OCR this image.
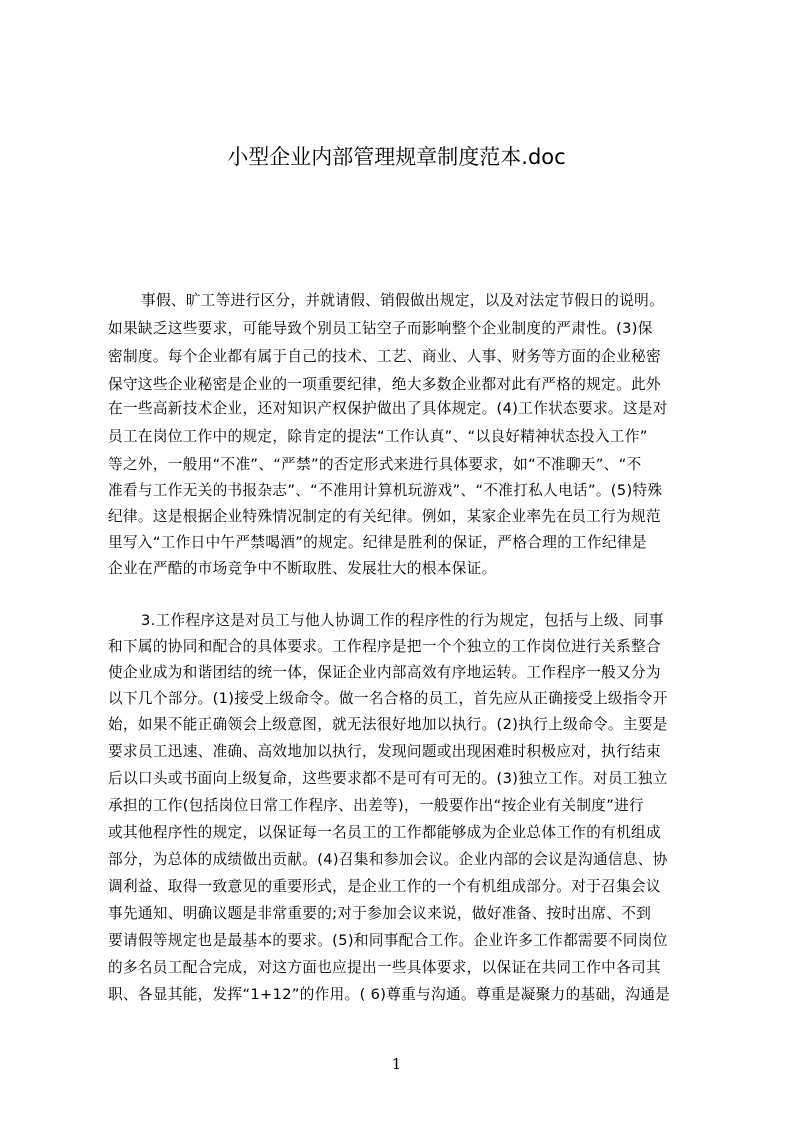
小型企业内部管理规章制度范本.doc
事假、旷工等进行区分，并就请假、销假做出规定，以及对法定节假日的说明。
如果缺乏这些要求，可能导致个别员工钻空子而影响整个企业制度的严肃性。(3)保
密制度。每个企业都有属于自己的技术、工艺、商业、人事、财务等方面的企业秘密
保守这些企业秘密是企业的一项重要纪律，绝大多数企业都对此有严格的规定。此外
在一些高新技术企业，还对知识产权保护做出了具体规定。(4)工作状态要求。这是对
员工在岗位工作中的规定，除肯定的提法“工作认真”、“以良好精神状态投入工作”
等之外，一般用“不准”、“严禁”的否定形式来进行具体要求，如“不准聊天”、“不
准看与工作无关的书报杂志”、“不准用计算机玩游戏”、“不准打私人电话”。(5)特殊
纪律。这是根据企业特殊情况制定的有关纪律。例如，某家企业率先在员工行为规范
里写入“工作日中午严禁喝酒”的规定。纪律是胜利的保证，严格合理的工作纪律是
企业在严酷的市场竞争中不断取胜、发展壮大的根本保证。
3.工作程序这是对员工与他人协调工作的程序性的行为规定，包括与上级、同事
和下属的协同和配合的具体要求。工作程序是把一个个独立的工作岗位进行关系整合
使企业成为和谐团结的统一体，保证企业内部高效有序地运转。工作程序一般又分为
以下几个部分。(1)接受上级命令。做一名合格的员工，首先应从正确接受上级指令开
始，如果不能正确领会上级意图，就无法很好地加以执行。(2)执行上级命令。主要是
要求员工迅速、准确、高效地加以执行，发现问题或出现困难时积极应对，执行结束
后以口头或书面向上级复命，这些要求都不是可有可无的。(3)独立工作。对员工独立
承担的工作(包括岗位日常工作程序、出差等)，一般要作出“按企业有关制度”进行
或其他程序性的规定，以保证每一名员工的工作都能够成为企业总体工作的有机组成
部分，为总体的成绩做出贡献。(4)召集和参加会议。企业内部的会议是沟通信息、协
调利益、取得一致意见的重要形式，是企业工作的一个有机组成部分。对于召集会议
事先通知、明确议题是非常重要的;对于参加会议来说，做好准备、按时出席、不到
要请假等规定也是最基本的要求。(5)和同事配合工作。企业许多工作都需要不同岗位
的多名员工配合完成，对这方面也应提出一些具体要求，以保证在共同工作中各司其
职、各显其能，发挥“1+12”的作用。( 6)尊重与沟通。尊重是凝聚力的基础，沟通是
1
